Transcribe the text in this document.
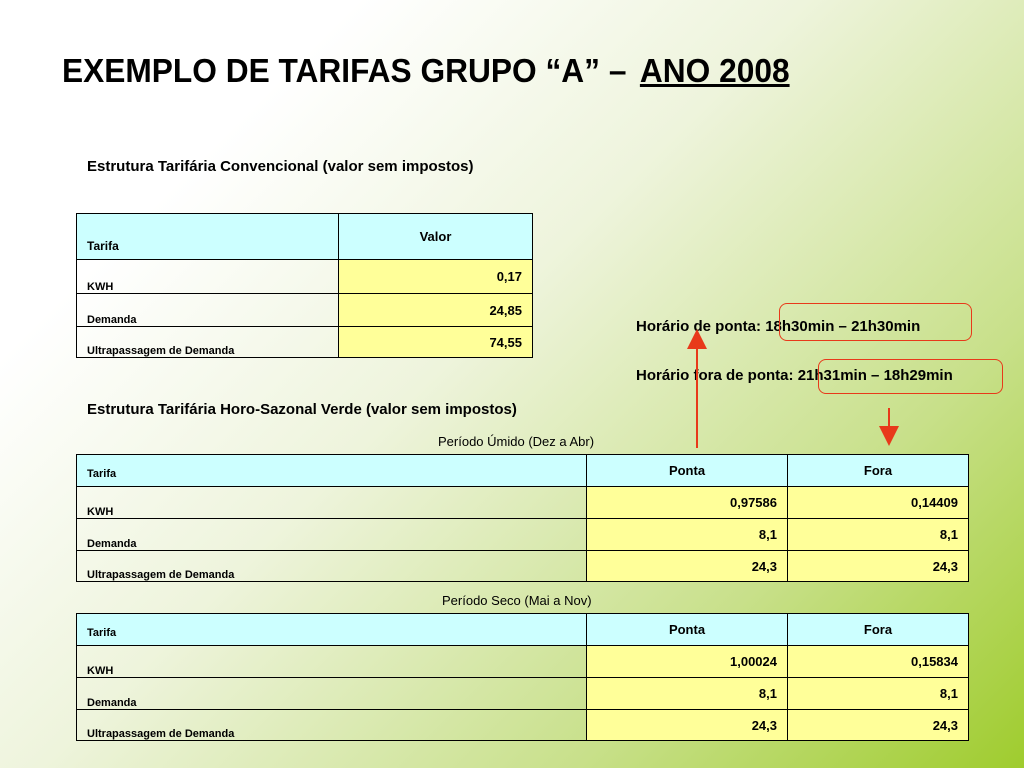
EXEMPLO DE TARIFAS GRUPO “A” – ANO 2008
Estrutura Tarifária Convencional (valor sem impostos)
Tarifa	Valor
KWH	0,17
Demanda	24,85
Ultrapassagem de Demanda	74,55
Horário de ponta: 18h30min – 21h30min
Horário fora de ponta: 21h31min – 18h29min
Estrutura Tarifária Horo-Sazonal Verde (valor sem impostos)
Período Úmido (Dez a Abr)
Tarifa	Ponta	Fora
KWH	0,97586	0,14409
Demanda	8,1	8,1
Ultrapassagem de Demanda	24,3	24,3
Período Seco (Mai a Nov)
Tarifa	Ponta	Fora
KWH	1,00024	0,15834
Demanda	8,1	8,1
Ultrapassagem de Demanda	24,3	24,3
